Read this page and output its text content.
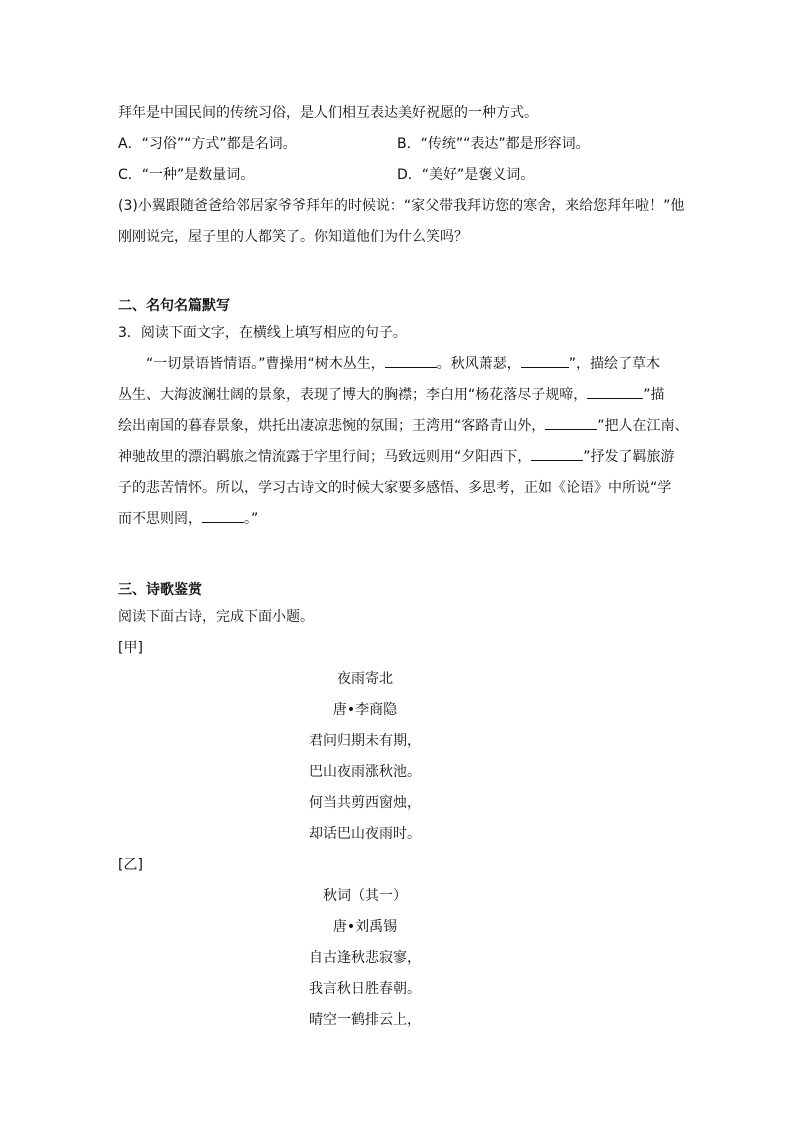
拜年是中国民间的传统习俗，是人们相互表达美好祝愿的一种方式。
A．“习俗”“方式”都是名词。	B．“传统”“表达”都是形容词。
C．“一种”是数量词。	D．“美好”是褒义词。
(3)小翼跟随爸爸给邻居家爷爷拜年的时候说：“家父带我拜访您的寒舍，来给您拜年啦！”他
刚刚说完，屋子里的人都笑了。你知道他们为什么笑吗？
二、名句名篇默写
3．阅读下面文字，在横线上填写相应的句子。
“一切景语皆情语。”曹操用“树木丛生，	。秋风萧瑟，	”，描绘了草木
丛生、大海波澜壮阔的景象，表现了博大的胸襟；李白用“杨花落尽子规啼，	”描
绘出南国的暮春景象，烘托出凄凉悲惋的氛围；王湾用“客路青山外，	”把人在江南、
神驰故里的漂泊羁旅之情流露于字里行间；马致远则用“夕阳西下，	”抒发了羁旅游
子的悲苦情怀。所以，学习古诗文的时候大家要多感悟、多思考，正如《论语》中所说“学
而不思则罔，	。”
三、诗歌鉴赏
阅读下面古诗，完成下面小题。
[甲]
夜雨寄北
唐•李商隐
君问归期未有期，
巴山夜雨涨秋池。
何当共剪西窗烛，
却话巴山夜雨时。
[乙]
秋词（其一）
唐•刘禹锡
自古逢秋悲寂寥，
我言秋日胜春朝。
晴空一鹤排云上，
